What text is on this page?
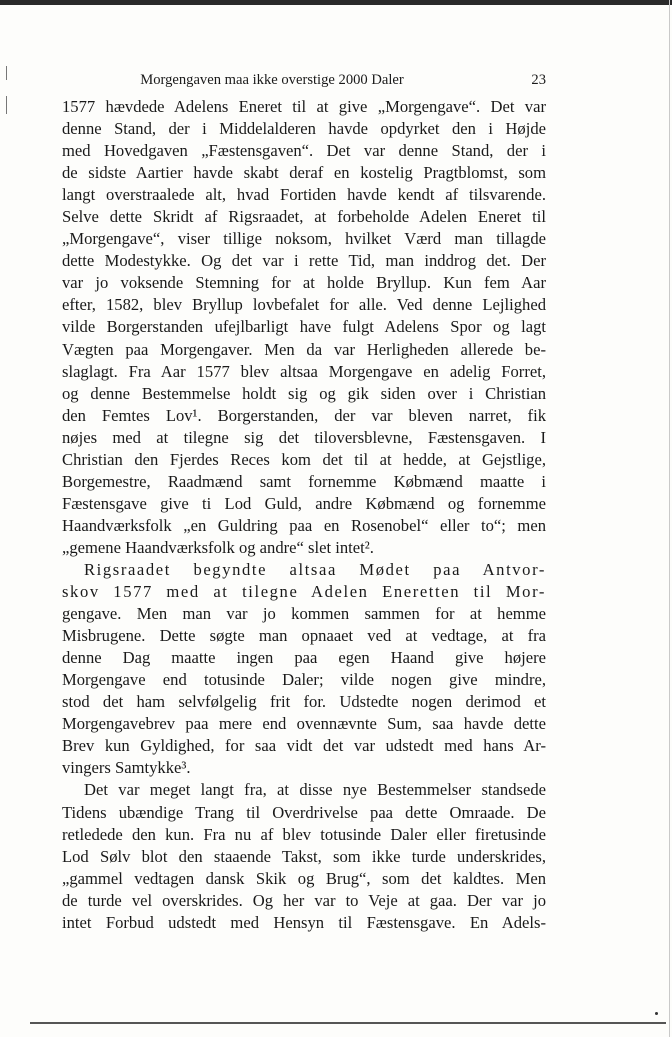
Morgengaven maa ikke overstige 2000 Daler	23
1577 hævdede Adelens Eneret til at give „Morgengave“. Det var
denne Stand, der i Middelalderen havde opdyrket den i Højde
med Hovedgaven „Fæstensgaven“. Det var denne Stand, der i
de sidste Aartier havde skabt deraf en kostelig Pragtblomst, som
langt overstraalede alt, hvad Fortiden havde kendt af tilsvarende.
Selve dette Skridt af Rigsraadet, at forbeholde Adelen Eneret til
„Morgengave“, viser tillige noksom, hvilket Værd man tillagde
dette Modestykke. Og det var i rette Tid, man inddrog det. Der
var jo voksende Stemning for at holde Bryllup. Kun fem Aar
efter, 1582, blev Bryllup lovbefalet for alle. Ved denne Lejlighed
vilde Borgerstanden ufejlbarligt have fulgt Adelens Spor og lagt
Vægten paa Morgengaver. Men da var Herligheden allerede be-
slaglagt. Fra Aar 1577 blev altsaa Morgengave en adelig Forret,
og denne Bestemmelse holdt sig og gik siden over i Christian
den Femtes Lov¹. Borgerstanden, der var bleven narret, fik
nøjes med at tilegne sig det tiloversblevne, Fæstensgaven. I
Christian den Fjerdes Reces kom det til at hedde, at Gejstlige,
Borgemestre, Raadmænd samt fornemme Købmænd maatte i
Fæstensgave give ti Lod Guld, andre Købmænd og fornemme
Haandværksfolk „en Guldring paa en Rosenobel“ eller to“; men
„gemene Haandværksfolk og andre“ slet intet².
Rigsraadet begyndte altsaa Mødet paa Antvor-
skov 1577 med at tilegne Adelen Eneretten til Mor-
gengave. Men man var jo kommen sammen for at hemme
Misbrugene. Dette søgte man opnaaet ved at vedtage, at fra
denne Dag maatte ingen paa egen Haand give højere
Morgengave end totusinde Daler; vilde nogen give mindre,
stod det ham selvfølgelig frit for. Udstedte nogen derimod et
Morgengavebrev paa mere end ovennævnte Sum, saa havde dette
Brev kun Gyldighed, for saa vidt det var udstedt med hans Ar-
vingers Samtykke³.
Det var meget langt fra, at disse nye Bestemmelser standsede
Tidens ubændige Trang til Overdrivelse paa dette Omraade. De
retledede den kun. Fra nu af blev totusinde Daler eller firetusinde
Lod Sølv blot den staaende Takst, som ikke turde underskrides,
„gammel vedtagen dansk Skik og Brug“, som det kaldtes. Men
de turde vel overskrides. Og her var to Veje at gaa. Der var jo
intet Forbud udstedt med Hensyn til Fæstensgave. En Adels-
